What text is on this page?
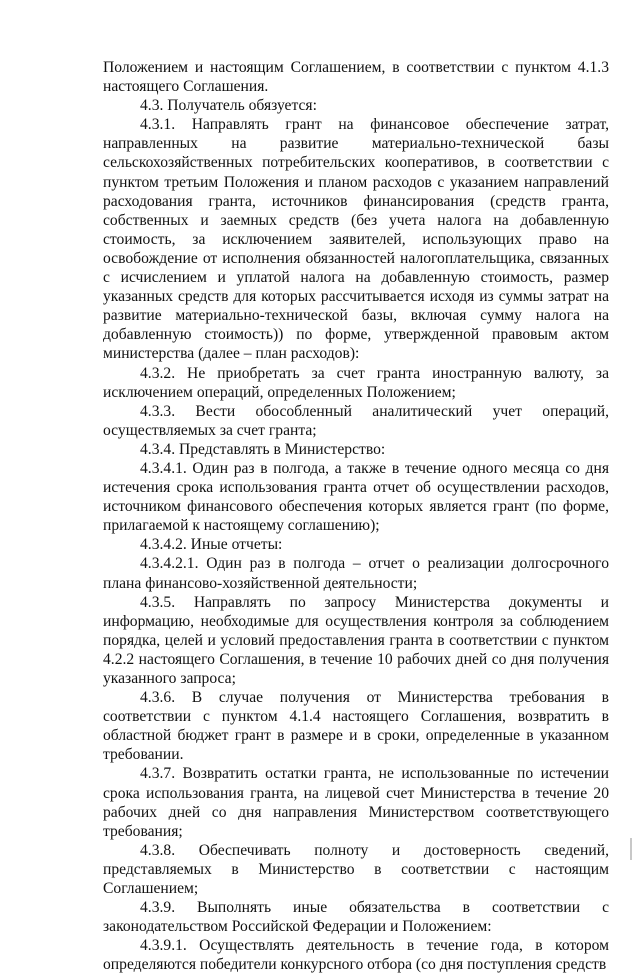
Положением и настоящим Соглашением, в соответствии с пунктом 4.1.3 настоящего Соглашения.

4.3. Получатель обязуется:

4.3.1. Направлять грант на финансовое обеспечение затрат, направленных на развитие материально-технической базы сельскохозяйственных потребительских кооперативов, в соответствии с пунктом третьим Положения и планом расходов с указанием направлений расходования гранта, источников финансирования (средств гранта, собственных и заемных средств (без учета налога на добавленную стоимость, за исключением заявителей, использующих право на освобождение от исполнения обязанностей налогоплательщика, связанных с исчислением и уплатой налога на добавленную стоимость, размер указанных средств для которых рассчитывается исходя из суммы затрат на развитие материально-технической базы, включая сумму налога на добавленную стоимость)) по форме, утвержденной правовым актом министерства (далее – план расходов):

4.3.2. Не приобретать за счет гранта иностранную валюту, за исключением операций, определенных Положением;

4.3.3. Вести обособленный аналитический учет операций, осуществляемых за счет гранта;

4.3.4. Представлять в Министерство:

4.3.4.1. Один раз в полгода, а также в течение одного месяца со дня истечения срока использования гранта отчет об осуществлении расходов, источником финансового обеспечения которых является грант (по форме, прилагаемой к настоящему соглашению);

4.3.4.2. Иные отчеты:

4.3.4.2.1. Один раз в полгода – отчет о реализации долгосрочного плана финансово-хозяйственной деятельности;

4.3.5. Направлять по запросу Министерства документы и информацию, необходимые для осуществления контроля за соблюдением порядка, целей и условий предоставления гранта в соответствии с пунктом 4.2.2 настоящего Соглашения, в течение 10 рабочих дней со дня получения указанного запроса;

4.3.6. В случае получения от Министерства требования в соответствии с пунктом 4.1.4 настоящего Соглашения, возвратить в областной бюджет грант в размере и в сроки, определенные в указанном требовании.

4.3.7. Возвратить остатки гранта, не использованные по истечении срока использования гранта, на лицевой счет Министерства в течение 20 рабочих дней со дня направления Министерством соответствующего требования;

4.3.8. Обеспечивать полноту и достоверность сведений, представляемых в Министерство в соответствии с настоящим Соглашением;

4.3.9. Выполнять иные обязательства в соответствии с законодательством Российской Федерации и Положением:

4.3.9.1. Осуществлять деятельность в течение года, в котором определяются победители конкурсного отбора (со дня поступления средств
